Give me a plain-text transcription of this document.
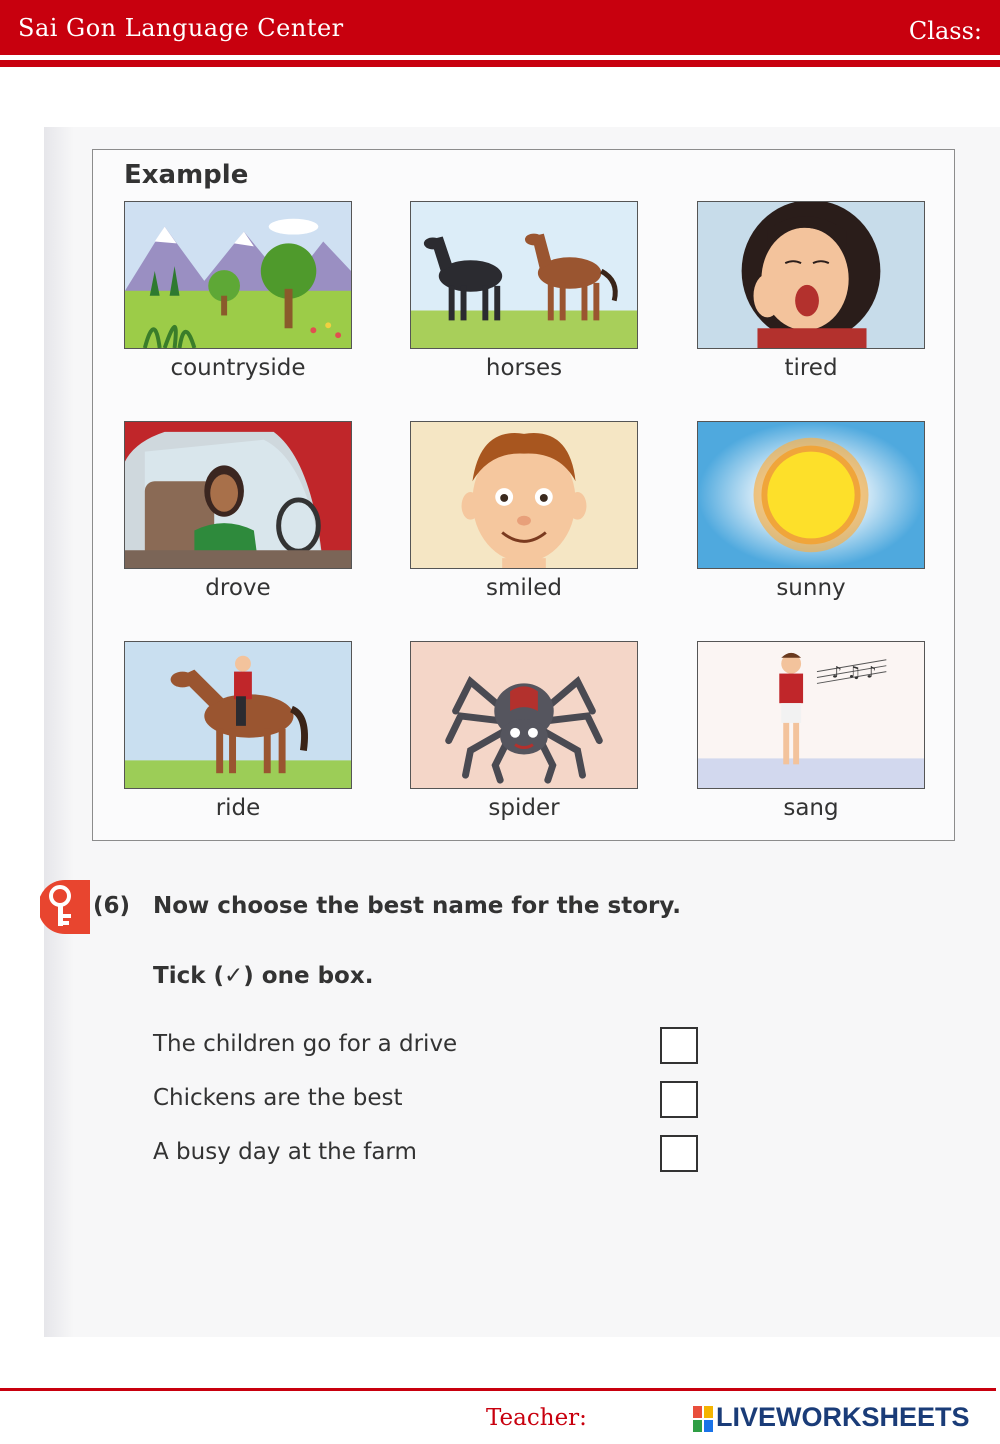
Sai Gon Language Center	Class:
Example
countryside	horses	tired
drove	smiled	sunny
ride	spider
♪ ♫ ♪
sang
(6) Now choose the best name for the story.
Tick (✓) one box.
The children go for a drive
Chickens are the best
A busy day at the farm
Teacher:	LIVEWORKSHEETS
